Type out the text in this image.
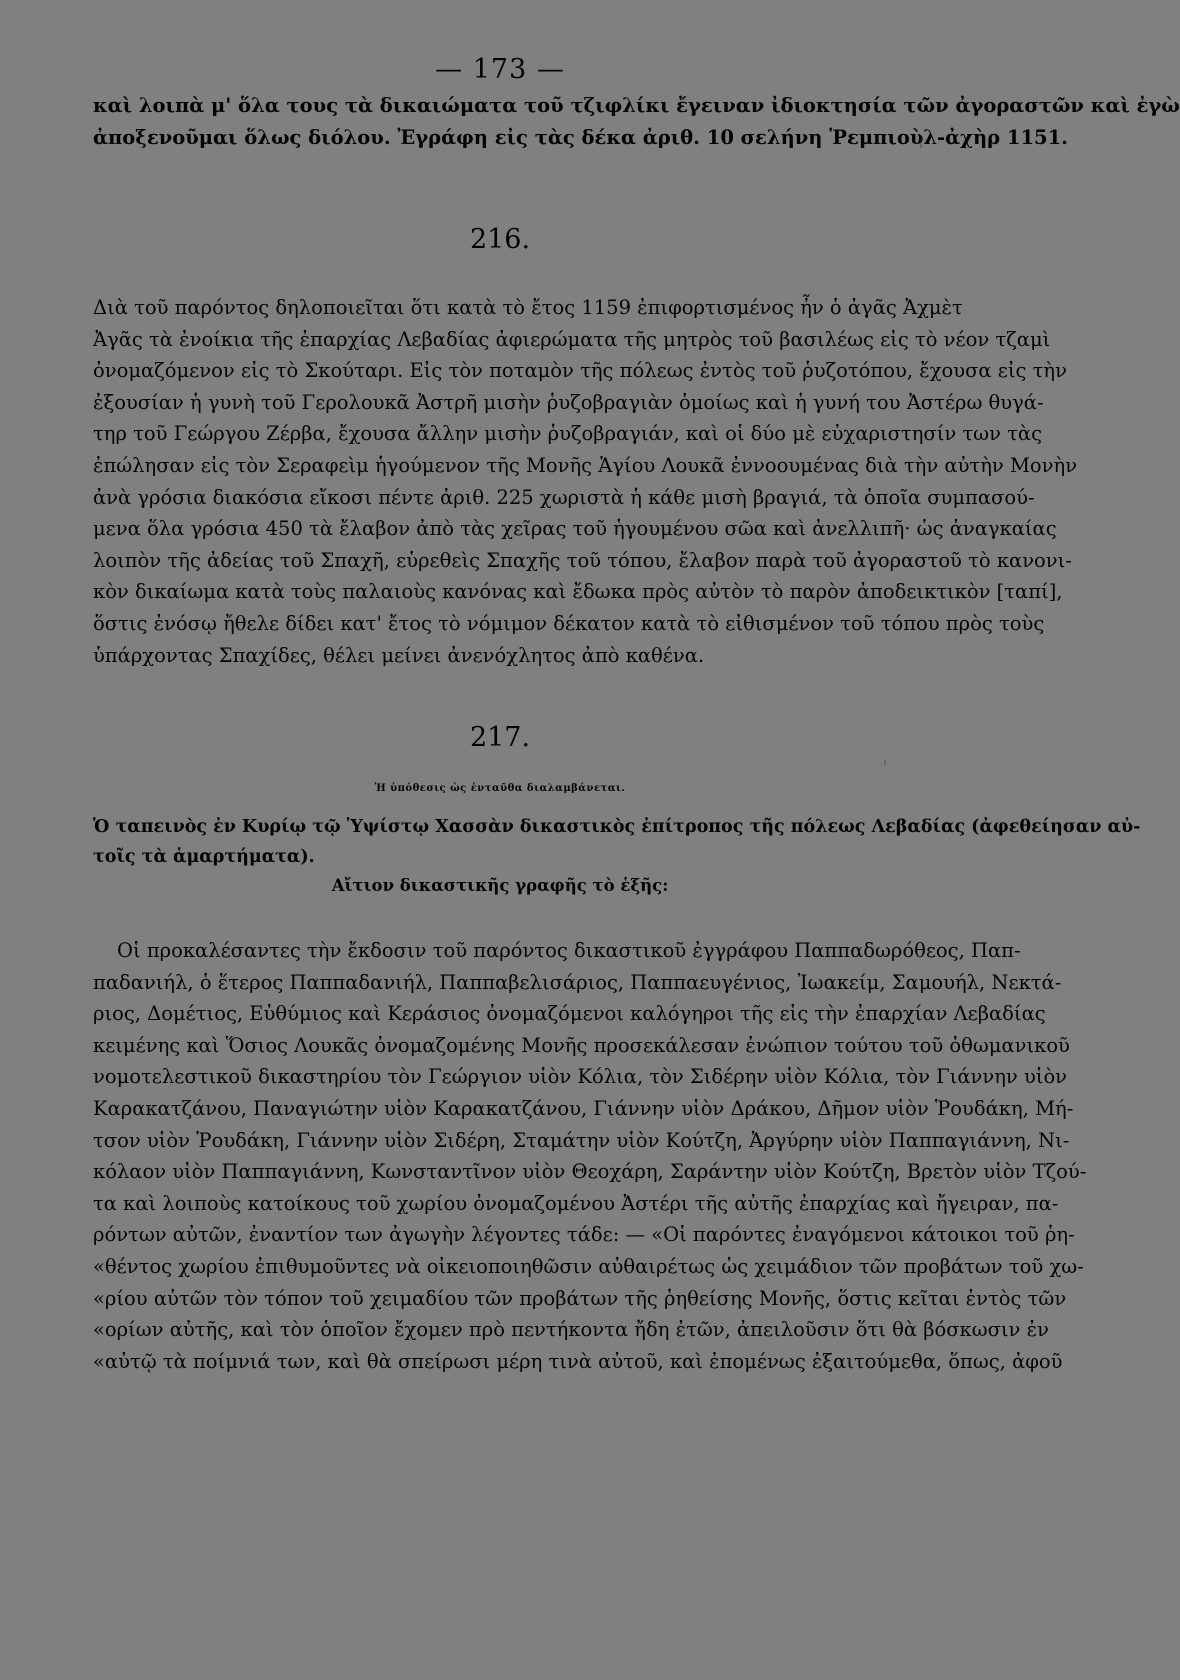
— 173 —
καὶ λοιπὰ μ' ὅλα τους τὰ δικαιώματα τοῦ τζιφλίκι ἔγειναν ἰδιοκτησία τῶν ἀγοραστῶν καὶ ἐγὼ
ἀποξενοῦμαι ὅλως διόλου. Ἐγράφη εἰς τὰς δέκα ἀριθ. 10 σελήνη Ῥεμπιοὺλ-ἀχὴρ 1151.
216.
Διὰ τοῦ παρόντος δηλοποιεῖται ὅτι κατὰ τὸ ἔτος 1159 ἐπιφορτισμένος ἦν ὁ ἀγᾶς Ἀχμὲτ
Ἀγᾶς τὰ ἐνοίκια τῆς ἐπαρχίας Λεβαδίας ἀφιερώματα τῆς μητρὸς τοῦ βασιλέως εἰς τὸ νέον τζαμὶ
ὀνομαζόμενον εἰς τὸ Σκούταρι. Εἰς τὸν ποταμὸν τῆς πόλεως ἐντὸς τοῦ ῥυζοτόπου, ἔχουσα εἰς τὴν
ἐξουσίαν ἡ γυνὴ τοῦ Γερολουκᾶ Ἀστρῆ μισὴν ῥυζοβραγιὰν ὁμοίως καὶ ἡ γυνή του Ἀστέρω θυγά-
τηρ τοῦ Γεώργου Ζέρβα, ἔχουσα ἄλλην μισὴν ῥυζοβραγιάν, καὶ οἱ δύο μὲ εὐχαριστησίν των τὰς
ἐπώλησαν εἰς τὸν Σεραφεὶμ ἡγούμενον τῆς Μονῆς Ἁγίου Λουκᾶ ἐννοουμένας διὰ τὴν αὐτὴν Μονὴν
ἀνὰ γρόσια διακόσια εἴκοσι πέντε ἀριθ. 225 χωριστὰ ἡ κάθε μισὴ βραγιά, τὰ ὁποῖα συμπασού-
μενα ὅλα γρόσια 450 τὰ ἔλαβον ἀπὸ τὰς χεῖρας τοῦ ἡγουμένου σῶα καὶ ἀνελλιπῆ· ὡς ἀναγκαίας
λοιπὸν τῆς ἀδείας τοῦ Σπαχῆ, εὑρεθεὶς Σπαχῆς τοῦ τόπου, ἔλαβον παρὰ τοῦ ἀγοραστοῦ τὸ κανονι-
κὸν δικαίωμα κατὰ τοὺς παλαιοὺς κανόνας καὶ ἔδωκα πρὸς αὐτὸν τὸ παρὸν ἀποδεικτικὸν [ταπί],
ὅστις ἐνόσῳ ἤθελε δίδει κατ' ἔτος τὸ νόμιμον δέκατον κατὰ τὸ εἰθισμένον τοῦ τόπου πρὸς τοὺς
ὑπάρχοντας Σπαχίδες, θέλει μείνει ἀνενόχλητος ἀπὸ καθένα.
217.
Ἡ ὑπόθεσις ὡς ἐνταῦθα διαλαμβάνεται.
Ὁ ταπεινὸς ἐν Κυρίῳ τῷ Ὑψίστῳ Χασσὰν δικαστικὸς ἐπίτροπος τῆς πόλεως Λεβαδίας (ἀφεθείησαν αὐ-
τοῖς τὰ ἁμαρτήματα).
Αἴτιον δικαστικῆς γραφῆς τὸ ἑξῆς:
Οἱ προκαλέσαντες τὴν ἔκδοσιν τοῦ παρόντος δικαστικοῦ ἐγγράφου Παππαδωρόθεος, Παπ-
παδανιήλ, ὁ ἕτερος Παππαδανιήλ, Παππαβελισάριος, Παππαευγένιος, Ἰωακείμ, Σαμουήλ, Νεκτά-
ριος, Δομέτιος, Εὐθύμιος καὶ Κεράσιος ὀνομαζόμενοι καλόγηροι τῆς εἰς τὴν ἐπαρχίαν Λεβαδίας
κειμένης καὶ Ὅσιος Λουκᾶς ὀνομαζομένης Μονῆς προσεκάλεσαν ἐνώπιον τούτου τοῦ ὀθωμανικοῦ
νομοτελεστικοῦ δικαστηρίου τὸν Γεώργιον υἱὸν Κόλια, τὸν Σιδέρην υἱὸν Κόλια, τὸν Γιάννην υἱὸν
Καρακατζάνου, Παναγιώτην υἱὸν Καρακατζάνου, Γιάννην υἱὸν Δράκου, Δῆμον υἱὸν Ῥουδάκη, Μή-
τσον υἱὸν Ῥουδάκη, Γιάννην υἱὸν Σιδέρη, Σταμάτην υἱὸν Κούτζη, Ἀργύρην υἱὸν Παππαγιάννη, Νι-
κόλαον υἱὸν Παππαγιάννη, Κωνσταντῖνον υἱὸν Θεοχάρη, Σαράντην υἱὸν Κούτζη, Βρετὸν υἱὸν Τζού-
τα καὶ λοιποὺς κατοίκους τοῦ χωρίου ὀνομαζομένου Ἀστέρι τῆς αὐτῆς ἐπαρχίας καὶ ἤγειραν, πα-
ρόντων αὐτῶν, ἐναντίον των ἀγωγὴν λέγοντες τάδε: — «Οἱ παρόντες ἐναγόμενοι κάτοικοι τοῦ ῥη-
«θέντος χωρίου ἐπιθυμοῦντες νὰ οἰκειοποιηθῶσιν αὐθαιρέτως ὡς χειμάδιον τῶν προβάτων τοῦ χω-
«ρίου αὐτῶν τὸν τόπον τοῦ χειμαδίου τῶν προβάτων τῆς ῥηθείσης Μονῆς, ὅστις κεῖται ἐντὸς τῶν
«ορίων αὐτῆς, καὶ τὸν ὁποῖον ἔχομεν πρὸ πεντήκοντα ἤδη ἐτῶν, ἀπειλοῦσιν ὅτι θὰ βόσκωσιν ἐν
«αὐτῷ τὰ ποίμνιά των, καὶ θὰ σπείρωσι μέρη τινὰ αὐτοῦ, καὶ ἐπομένως ἐξαιτούμεθα, ὅπως, ἀφοῦ
